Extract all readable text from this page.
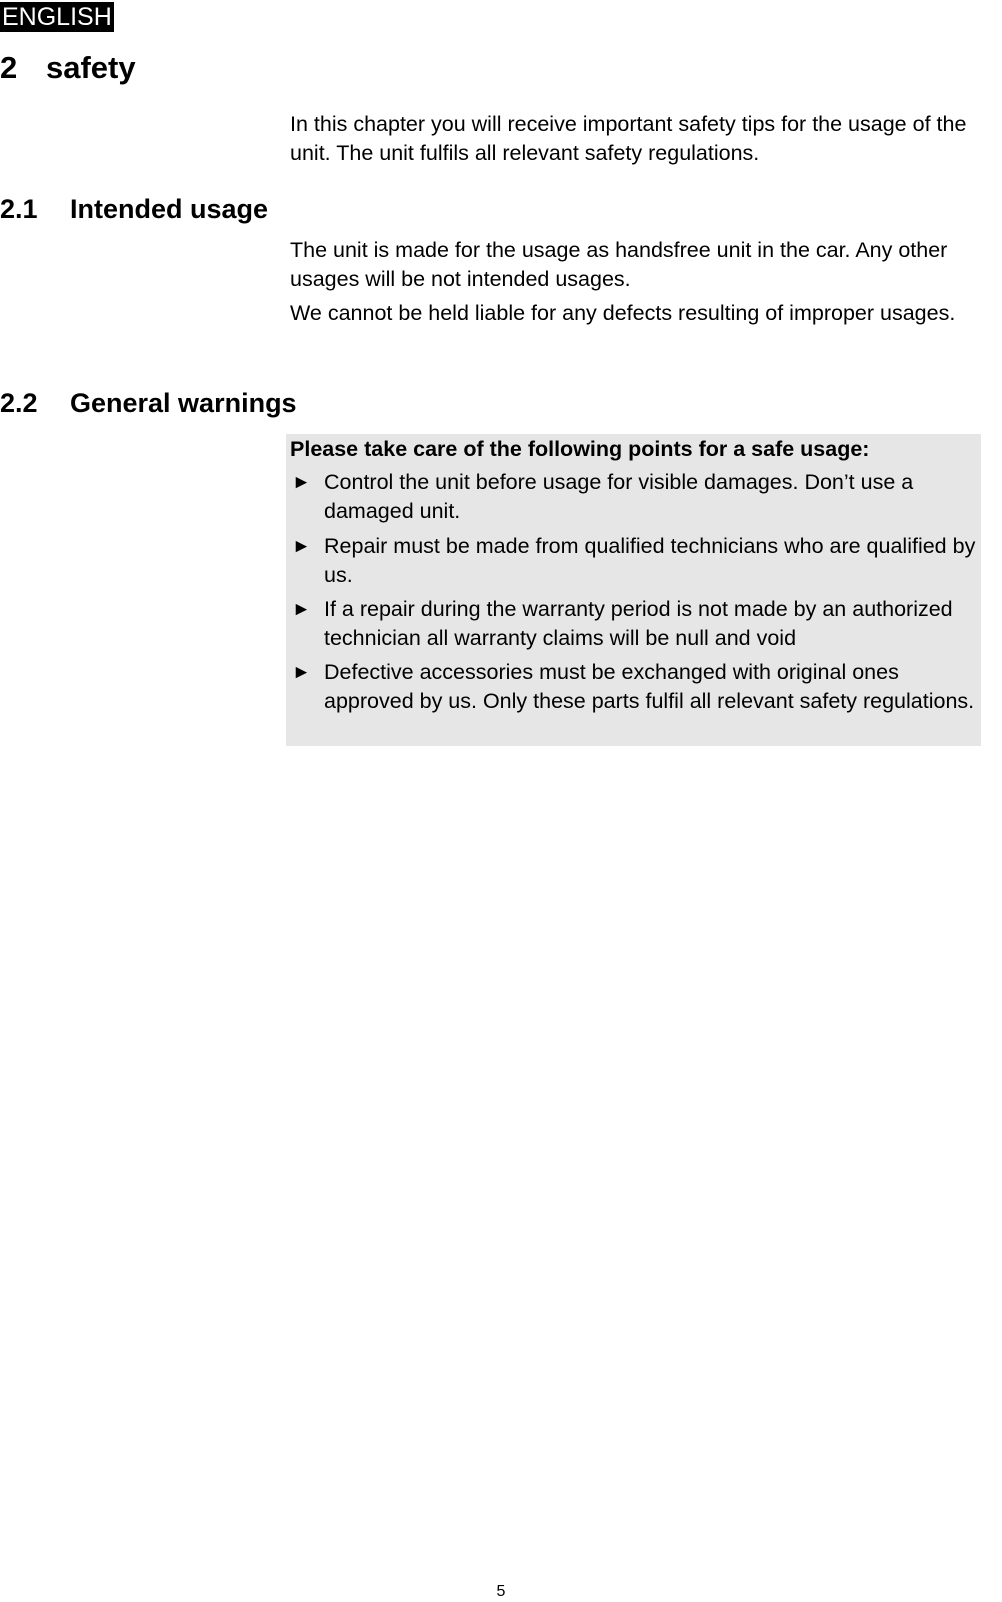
ENGLISH
2 safety

In this chapter you will receive important safety tips for the usage of the unit. The unit fulfils all relevant safety regulations.

2.1 Intended usage

The unit is made for the usage as handsfree unit in the car. Any other usages will be not intended usages.

We cannot be held liable for any defects resulting of improper usages.

2.2 General warnings
Please take care of the following points for a safe usage:
► Control the unit before usage for visible damages. Don’t use a damaged unit.
► Repair must be made from qualified technicians who are qualified by us.
► If a repair during the warranty period is not made by an authorized technician all warranty claims will be null and void
► Defective accessories must be exchanged with original ones approved by us. Only these parts fulfil all relevant safety regulations.
5
